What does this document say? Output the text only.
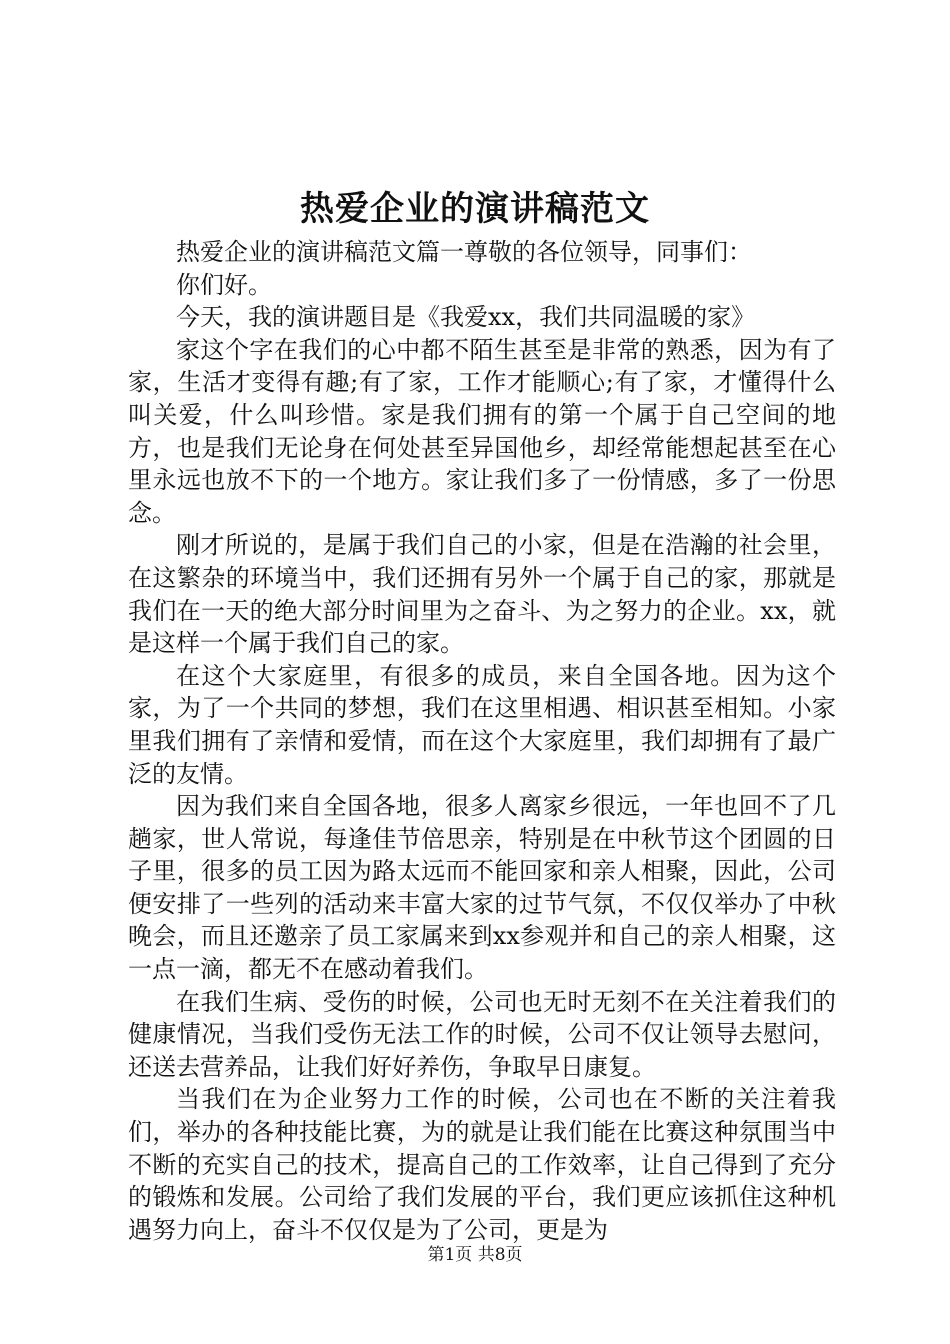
热爱企业的演讲稿范文

热爱企业的演讲稿范文篇一尊敬的各位领导，同事们：

你们好。

今天，我的演讲题目是《我爱xx，我们共同温暖的家》

家这个字在我们的心中都不陌生甚至是非常的熟悉，因为有了家，生活才变得有趣;有了家，工作才能顺心;有了家，才懂得什么叫关爱，什么叫珍惜。家是我们拥有的第一个属于自己空间的地方，也是我们无论身在何处甚至异国他乡，却经常能想起甚至在心里永远也放不下的一个地方。家让我们多了一份情感，多了一份思念。

刚才所说的，是属于我们自己的小家，但是在浩瀚的社会里，在这繁杂的环境当中，我们还拥有另外一个属于自己的家，那就是我们在一天的绝大部分时间里为之奋斗、为之努力的企业。xx，就是这样一个属于我们自己的家。

在这个大家庭里，有很多的成员，来自全国各地。因为这个家，为了一个共同的梦想，我们在这里相遇、相识甚至相知。小家里我们拥有了亲情和爱情，而在这个大家庭里，我们却拥有了最广泛的友情。

因为我们来自全国各地，很多人离家乡很远，一年也回不了几趟家，世人常说，每逢佳节倍思亲，特别是在中秋节这个团圆的日子里，很多的员工因为路太远而不能回家和亲人相聚，因此，公司便安排了一些列的活动来丰富大家的过节气氛，不仅仅举办了中秋晚会，而且还邀亲了员工家属来到xx参观并和自己的亲人相聚，这一点一滴，都无不在感动着我们。

在我们生病、受伤的时候，公司也无时无刻不在关注着我们的健康情况，当我们受伤无法工作的时候，公司不仅让领导去慰问，还送去营养品，让我们好好养伤，争取早日康复。

当我们在为企业努力工作的时候，公司也在不断的关注着我们，举办的各种技能比赛，为的就是让我们能在比赛这种氛围当中不断的充实自己的技术，提高自己的工作效率，让自己得到了充分的锻炼和发展。公司给了我们发展的平台，我们更应该抓住这种机遇努力向上，奋斗不仅仅是为了公司，更是为

第1页 共8页
